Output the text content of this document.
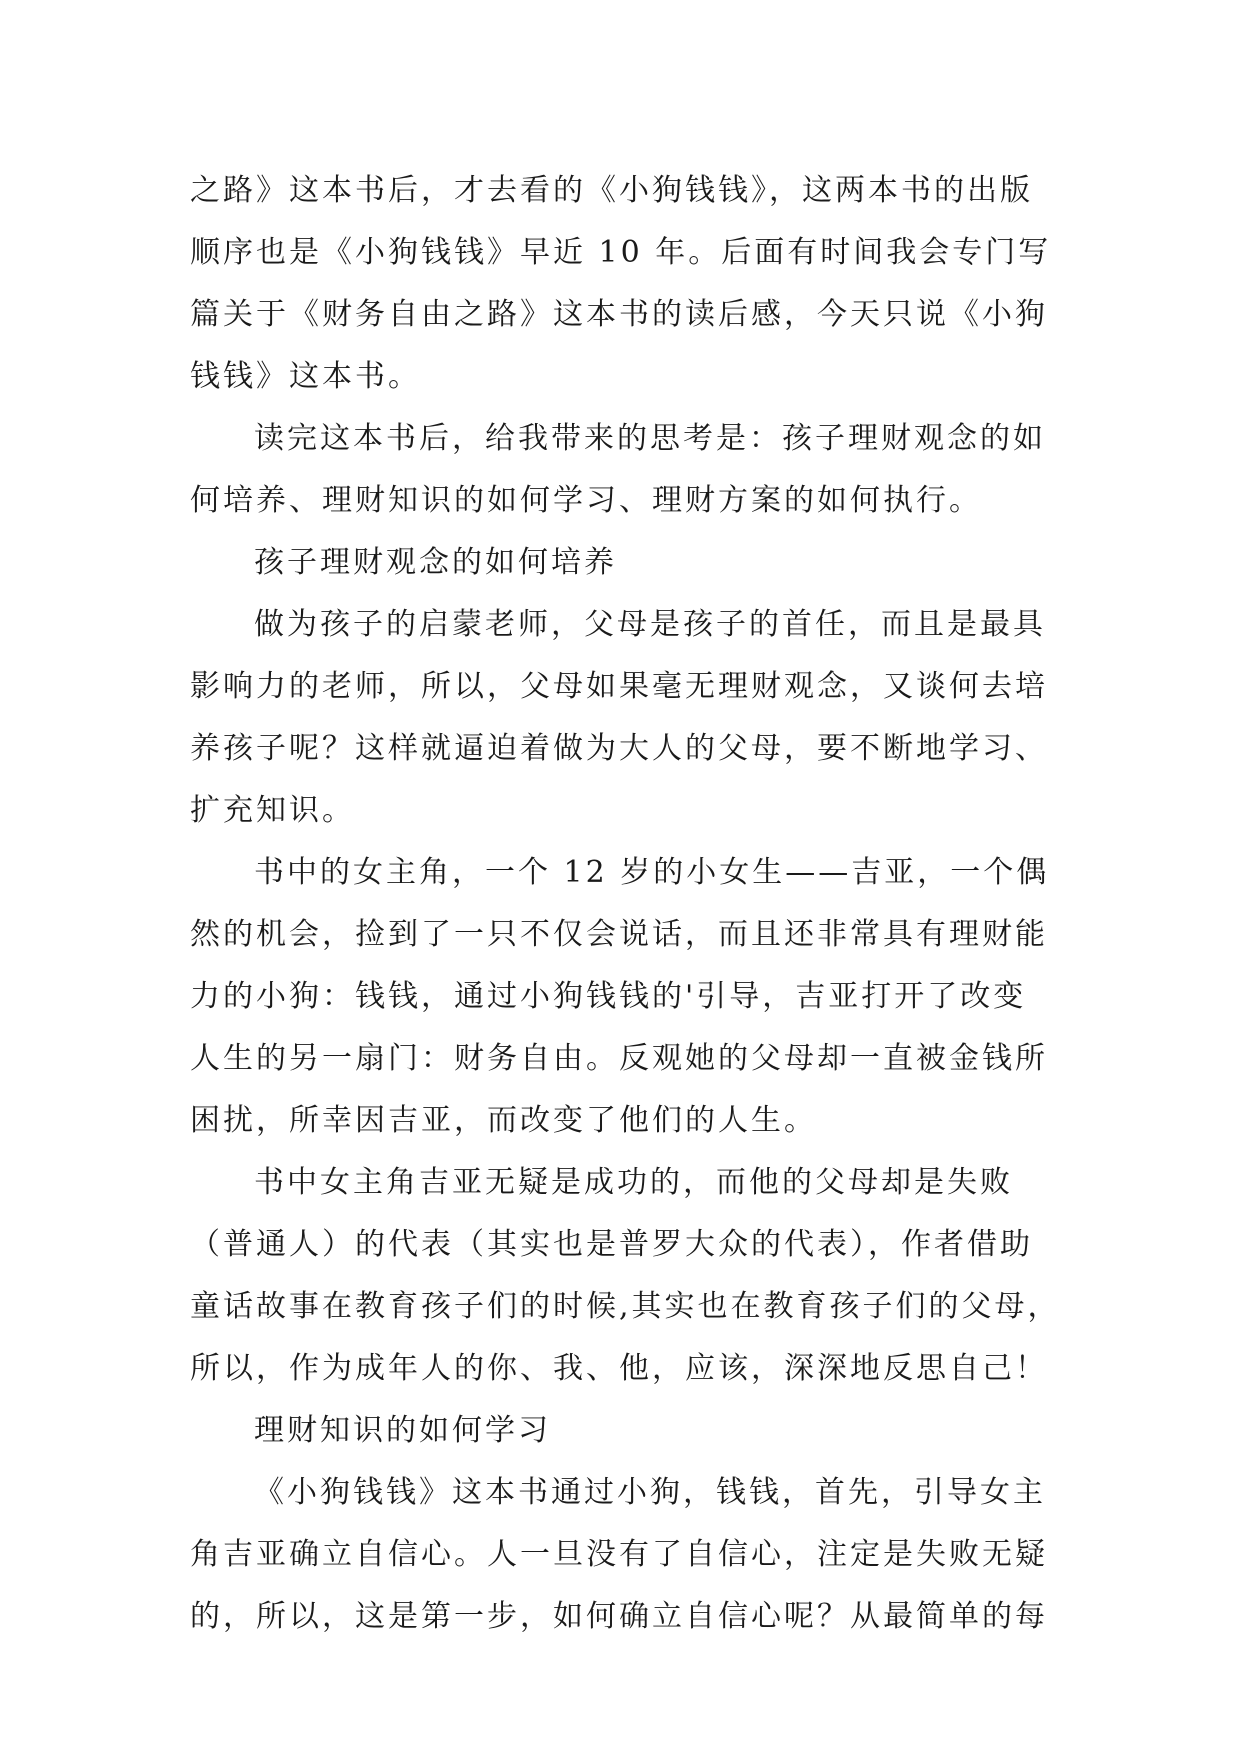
之路》这本书后，才去看的《小狗钱钱》，这两本书的出版
顺序也是《小狗钱钱》早近 10 年。后面有时间我会专门写
篇关于《财务自由之路》这本书的读后感，今天只说《小狗
钱钱》这本书。
读完这本书后，给我带来的思考是：孩子理财观念的如
何培养、理财知识的如何学习、理财方案的如何执行。
孩子理财观念的如何培养
做为孩子的启蒙老师，父母是孩子的首任，而且是最具
影响力的老师，所以，父母如果毫无理财观念，又谈何去培
养孩子呢？这样就逼迫着做为大人的父母，要不断地学习、
扩充知识。
书中的女主角，一个 12 岁的小女生——吉亚，一个偶
然的机会，捡到了一只不仅会说话，而且还非常具有理财能
力的小狗：钱钱，通过小狗钱钱的'引导，吉亚打开了改变
人生的另一扇门：财务自由。反观她的父母却一直被金钱所
困扰，所幸因吉亚，而改变了他们的人生。
书中女主角吉亚无疑是成功的，而他的父母却是失败
（普通人）的代表（其实也是普罗大众的代表），作者借助
童话故事在教育孩子们的时候,其实也在教育孩子们的父母，
所以，作为成年人的你、我、他，应该，深深地反思自己！
理财知识的如何学习
《小狗钱钱》这本书通过小狗，钱钱，首先，引导女主
角吉亚确立自信心。人一旦没有了自信心，注定是失败无疑
的，所以，这是第一步，如何确立自信心呢？从最简单的每
